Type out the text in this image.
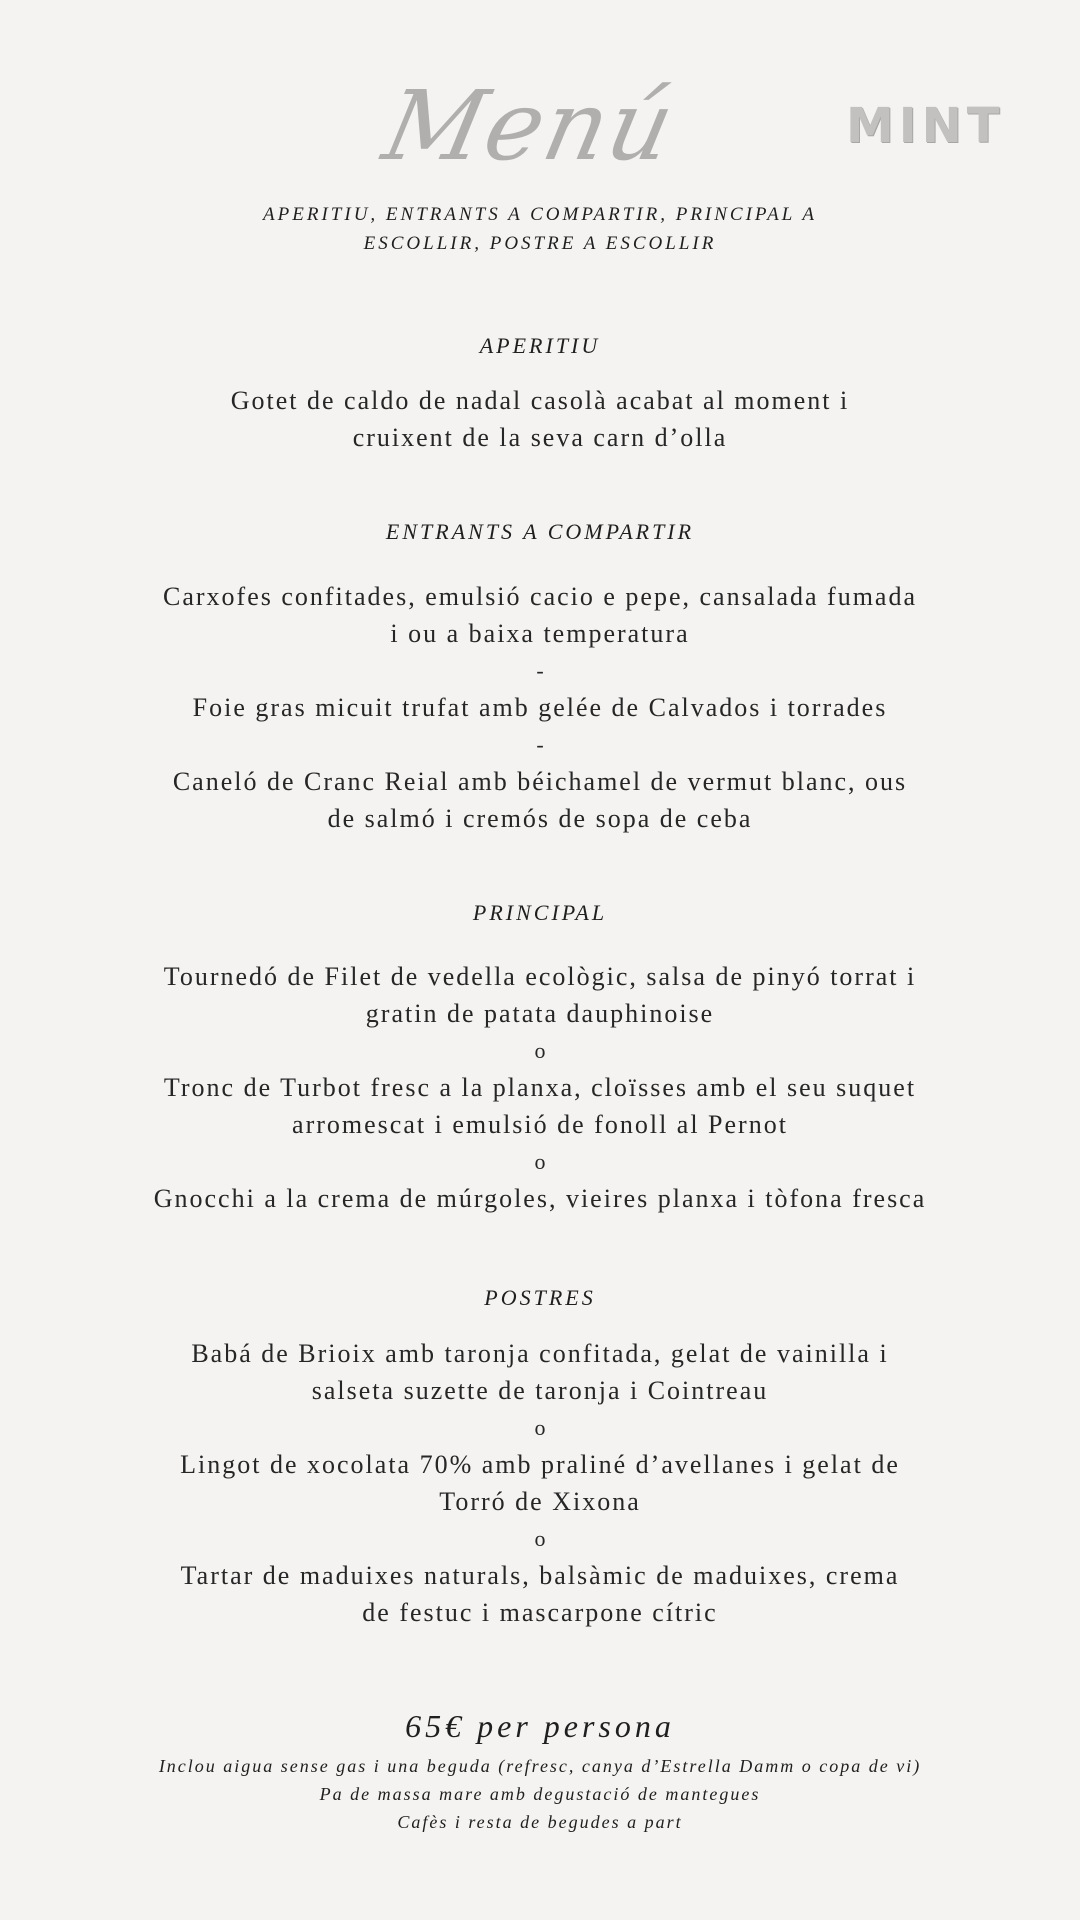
Menú	MINT
APERITIU, ENTRANTS A COMPARTIR, PRINCIPAL A
ESCOLLIR, POSTRE A ESCOLLIR
APERITIU
Gotet de caldo de nadal casolà acabat al moment i
cruixent de la seva carn d’olla
ENTRANTS A COMPARTIR
Carxofes confitades, emulsió cacio e pepe, cansalada fumada
i ou a baixa temperatura
-
Foie gras micuit trufat amb gelée de Calvados i torrades
-
Caneló de Cranc Reial amb béichamel de vermut blanc, ous
de salmó i cremós de sopa de ceba
PRINCIPAL
Tournedó de Filet de vedella ecològic, salsa de pinyó torrat i
gratin de patata dauphinoise
o
Tronc de Turbot fresc a la planxa, cloïsses amb el seu suquet
arromescat i emulsió de fonoll al Pernot
o
Gnocchi a la crema de múrgoles, vieires planxa i tòfona fresca
POSTRES
Babá de Brioix amb taronja confitada, gelat de vainilla i
salseta suzette de taronja i Cointreau
o
Lingot de xocolata 70% amb praliné d’avellanes i gelat de
Torró de Xixona
o
Tartar de maduixes naturals, balsàmic de maduixes, crema
de festuc i mascarpone cítric
65€ per persona
Inclou aigua sense gas i una beguda (refresc, canya d’Estrella Damm o copa de vi)
Pa de massa mare amb degustació de mantegues
Cafès i resta de begudes a part
